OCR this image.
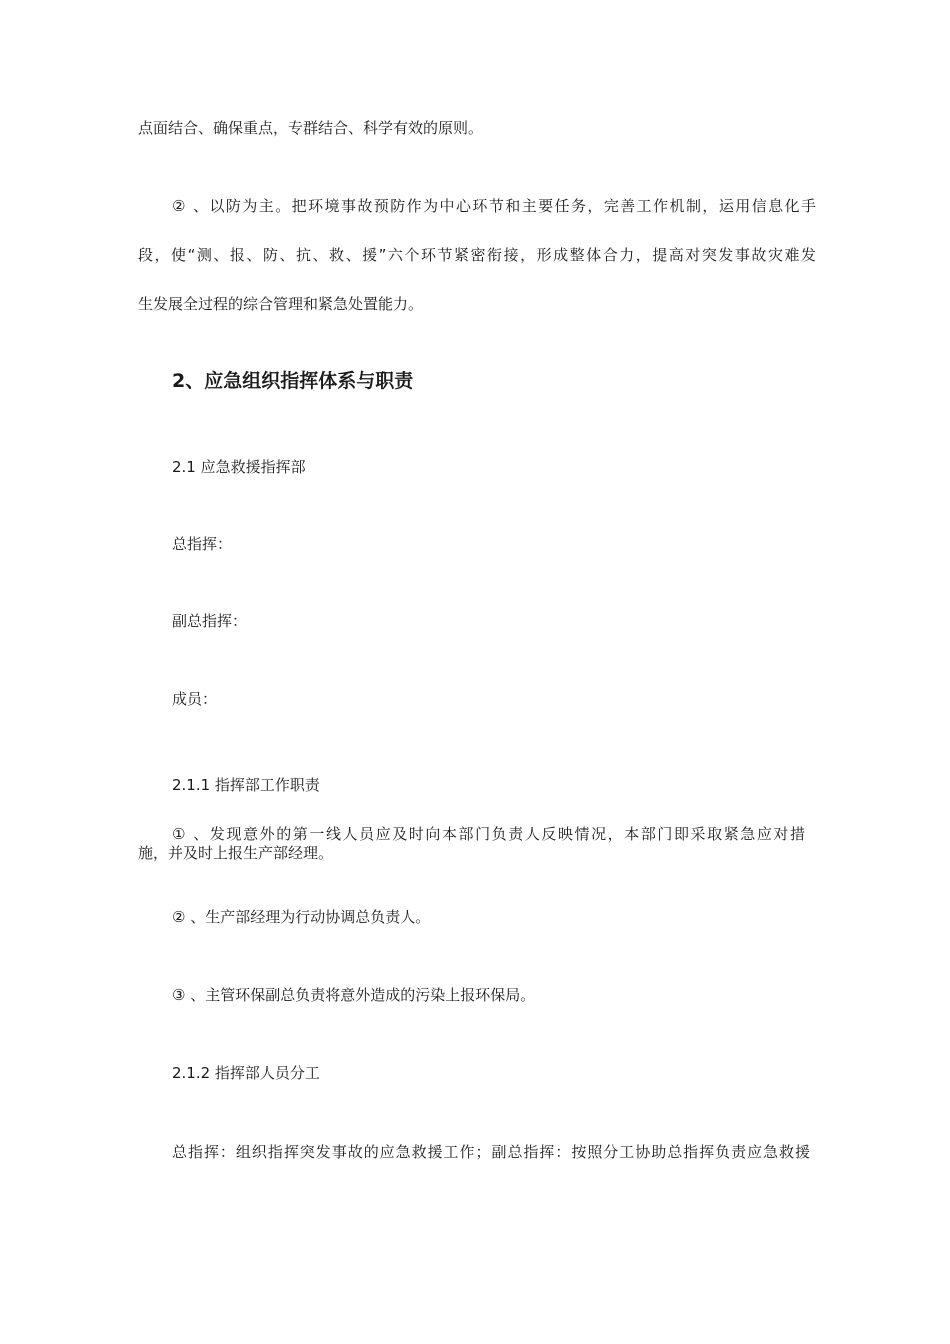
点面结合、确保重点，专群结合、科学有效的原则。
② 、以防为主。把环境事故预防作为中心环节和主要任务，完善工作机制，运用信息化手
段，使“测、报、防、抗、救、援”六个环节紧密衔接，形成整体合力，提高对突发事故灾难发
生发展全过程的综合管理和紧急处置能力。
2、应急组织指挥体系与职责
2.1 应急救援指挥部
总指挥：
副总指挥：
成员：
2.1.1 指挥部工作职责
① 、发现意外的第一线人员应及时向本部门负责人反映情况，本部门即采取紧急应对措
施，并及时上报生产部经理。
② 、生产部经理为行动协调总负责人。
③ 、主管环保副总负责将意外造成的污染上报环保局。
2.1.2 指挥部人员分工
总指挥：组织指挥突发事故的应急救援工作；副总指挥：按照分工协助总指挥负责应急救援
